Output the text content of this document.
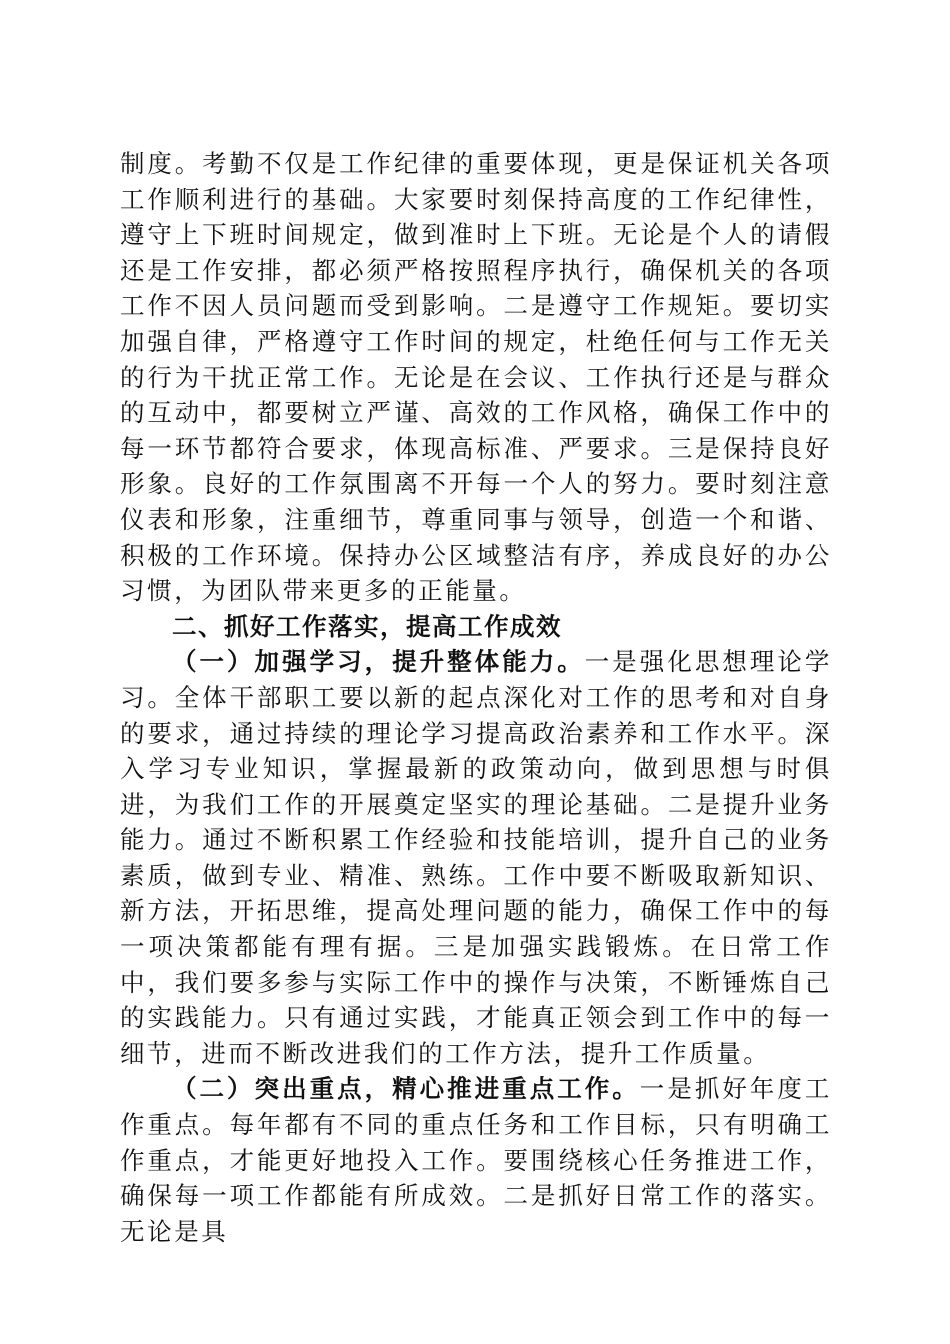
制度。考勤不仅是工作纪律的重要体现，更是保证机关各项工作顺利进行的基础。大家要时刻保持高度的工作纪律性，遵守上下班时间规定，做到准时上下班。无论是个人的请假还是工作安排，都必须严格按照程序执行，确保机关的各项工作不因人员问题而受到影响。二是遵守工作规矩。要切实加强自律，严格遵守工作时间的规定，杜绝任何与工作无关的行为干扰正常工作。无论是在会议、工作执行还是与群众的互动中，都要树立严谨、高效的工作风格，确保工作中的每一环节都符合要求，体现高标准、严要求。三是保持良好形象。良好的工作氛围离不开每一个人的努力。要时刻注意仪表和形象，注重细节，尊重同事与领导，创造一个和谐、积极的工作环境。保持办公区域整洁有序，养成良好的办公习惯，为团队带来更多的正能量。

二、抓好工作落实，提高工作成效

（一）加强学习，提升整体能力。一是强化思想理论学习。全体干部职工要以新的起点深化对工作的思考和对自身的要求，通过持续的理论学习提高政治素养和工作水平。深入学习专业知识，掌握最新的政策动向，做到思想与时俱进，为我们工作的开展奠定坚实的理论基础。二是提升业务能力。通过不断积累工作经验和技能培训，提升自己的业务素质，做到专业、精准、熟练。工作中要不断吸取新知识、新方法，开拓思维，提高处理问题的能力，确保工作中的每一项决策都能有理有据。三是加强实践锻炼。在日常工作中，我们要多参与实际工作中的操作与决策，不断锤炼自己的实践能力。只有通过实践，才能真正领会到工作中的每一细节，进而不断改进我们的工作方法，提升工作质量。

（二）突出重点，精心推进重点工作。一是抓好年度工作重点。每年都有不同的重点任务和工作目标，只有明确工作重点，才能更好地投入工作。要围绕核心任务推进工作，确保每一项工作都能有所成效。二是抓好日常工作的落实。无论是具
